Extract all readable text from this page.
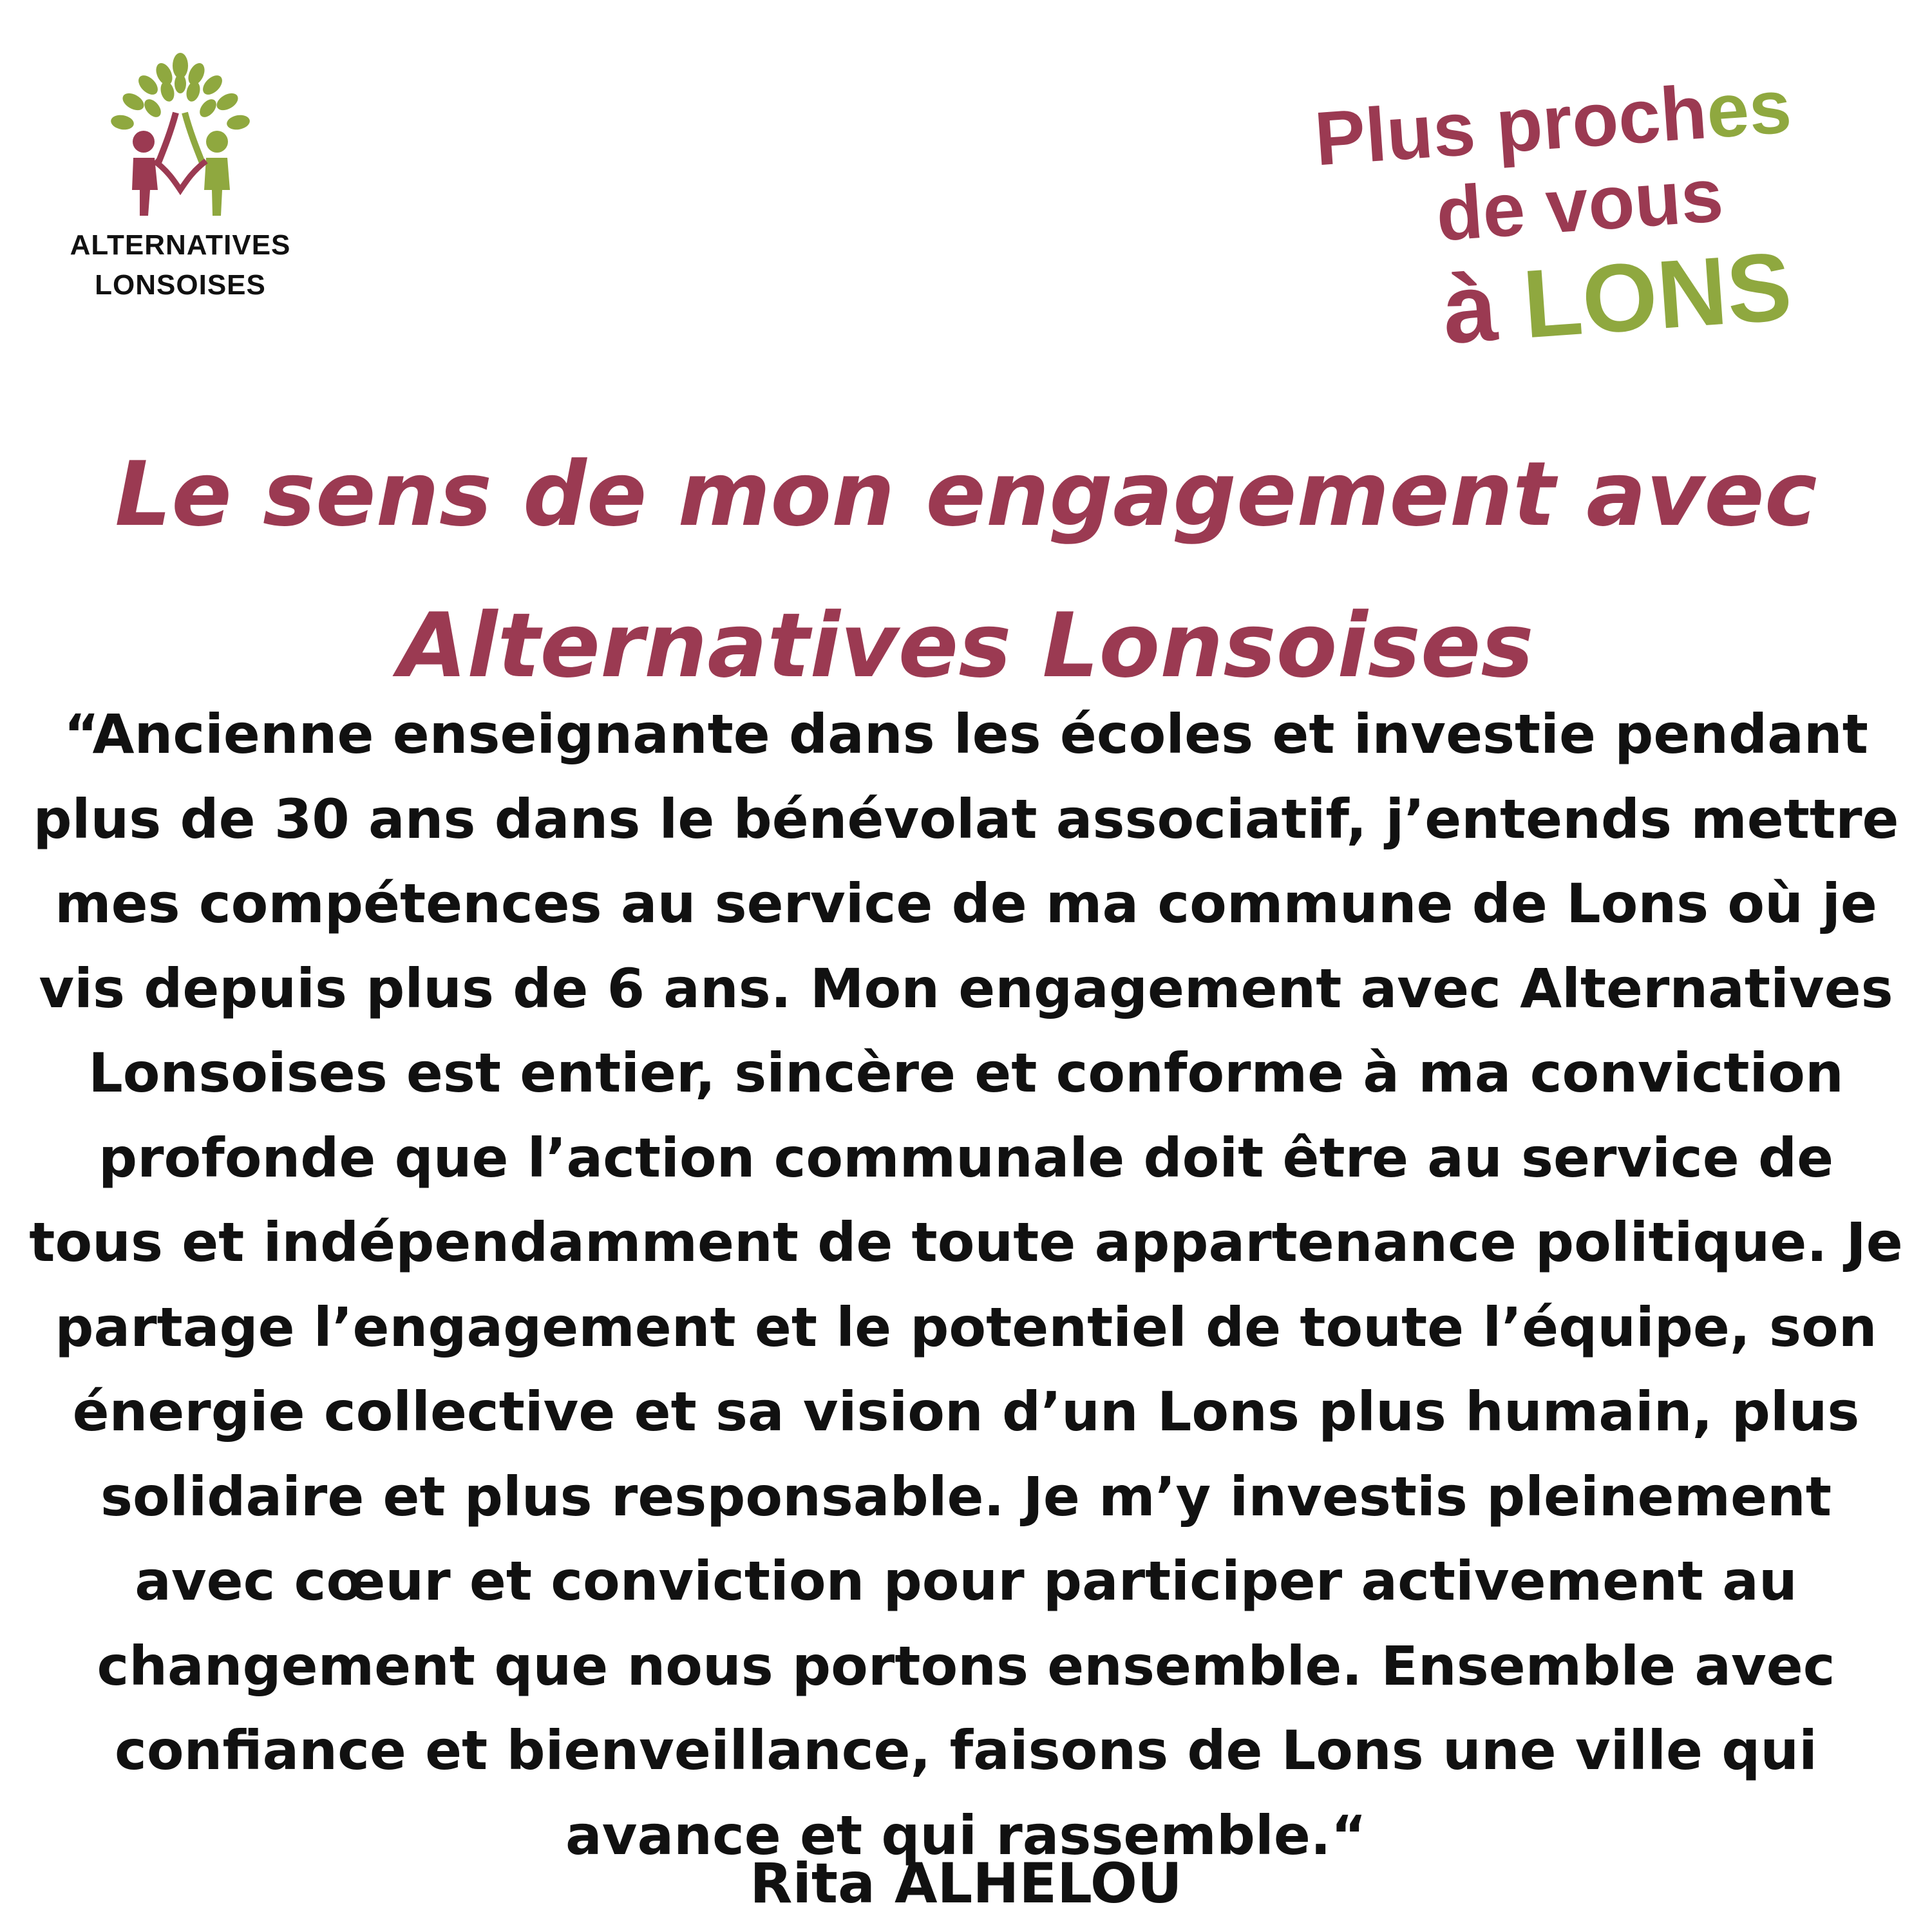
ALTERNATIVES
LONSOISES
Plus proches
de vous
à LONS
Le sens de mon engagement avec Alternatives Lonsoises

“Ancienne enseignante dans les écoles et investie pendant plus de 30 ans dans le bénévolat associatif, j’entends mettre mes compétences au service de ma commune de Lons où je vis depuis plus de 6 ans. Mon engagement avec Alternatives Lonsoises est entier, sincère et conforme à ma conviction profonde que l’action communale doit être au service de tous et indépendamment de toute appartenance politique. Je partage l’engagement et le potentiel de toute l’équipe, son énergie collective et sa vision d’un Lons plus humain, plus solidaire et plus responsable. Je m’y investis pleinement avec cœur et conviction pour participer activement au changement que nous portons ensemble. Ensemble avec confiance et bienveillance, faisons de Lons une ville qui avance et qui rassemble.“

Rita ALHELOU
